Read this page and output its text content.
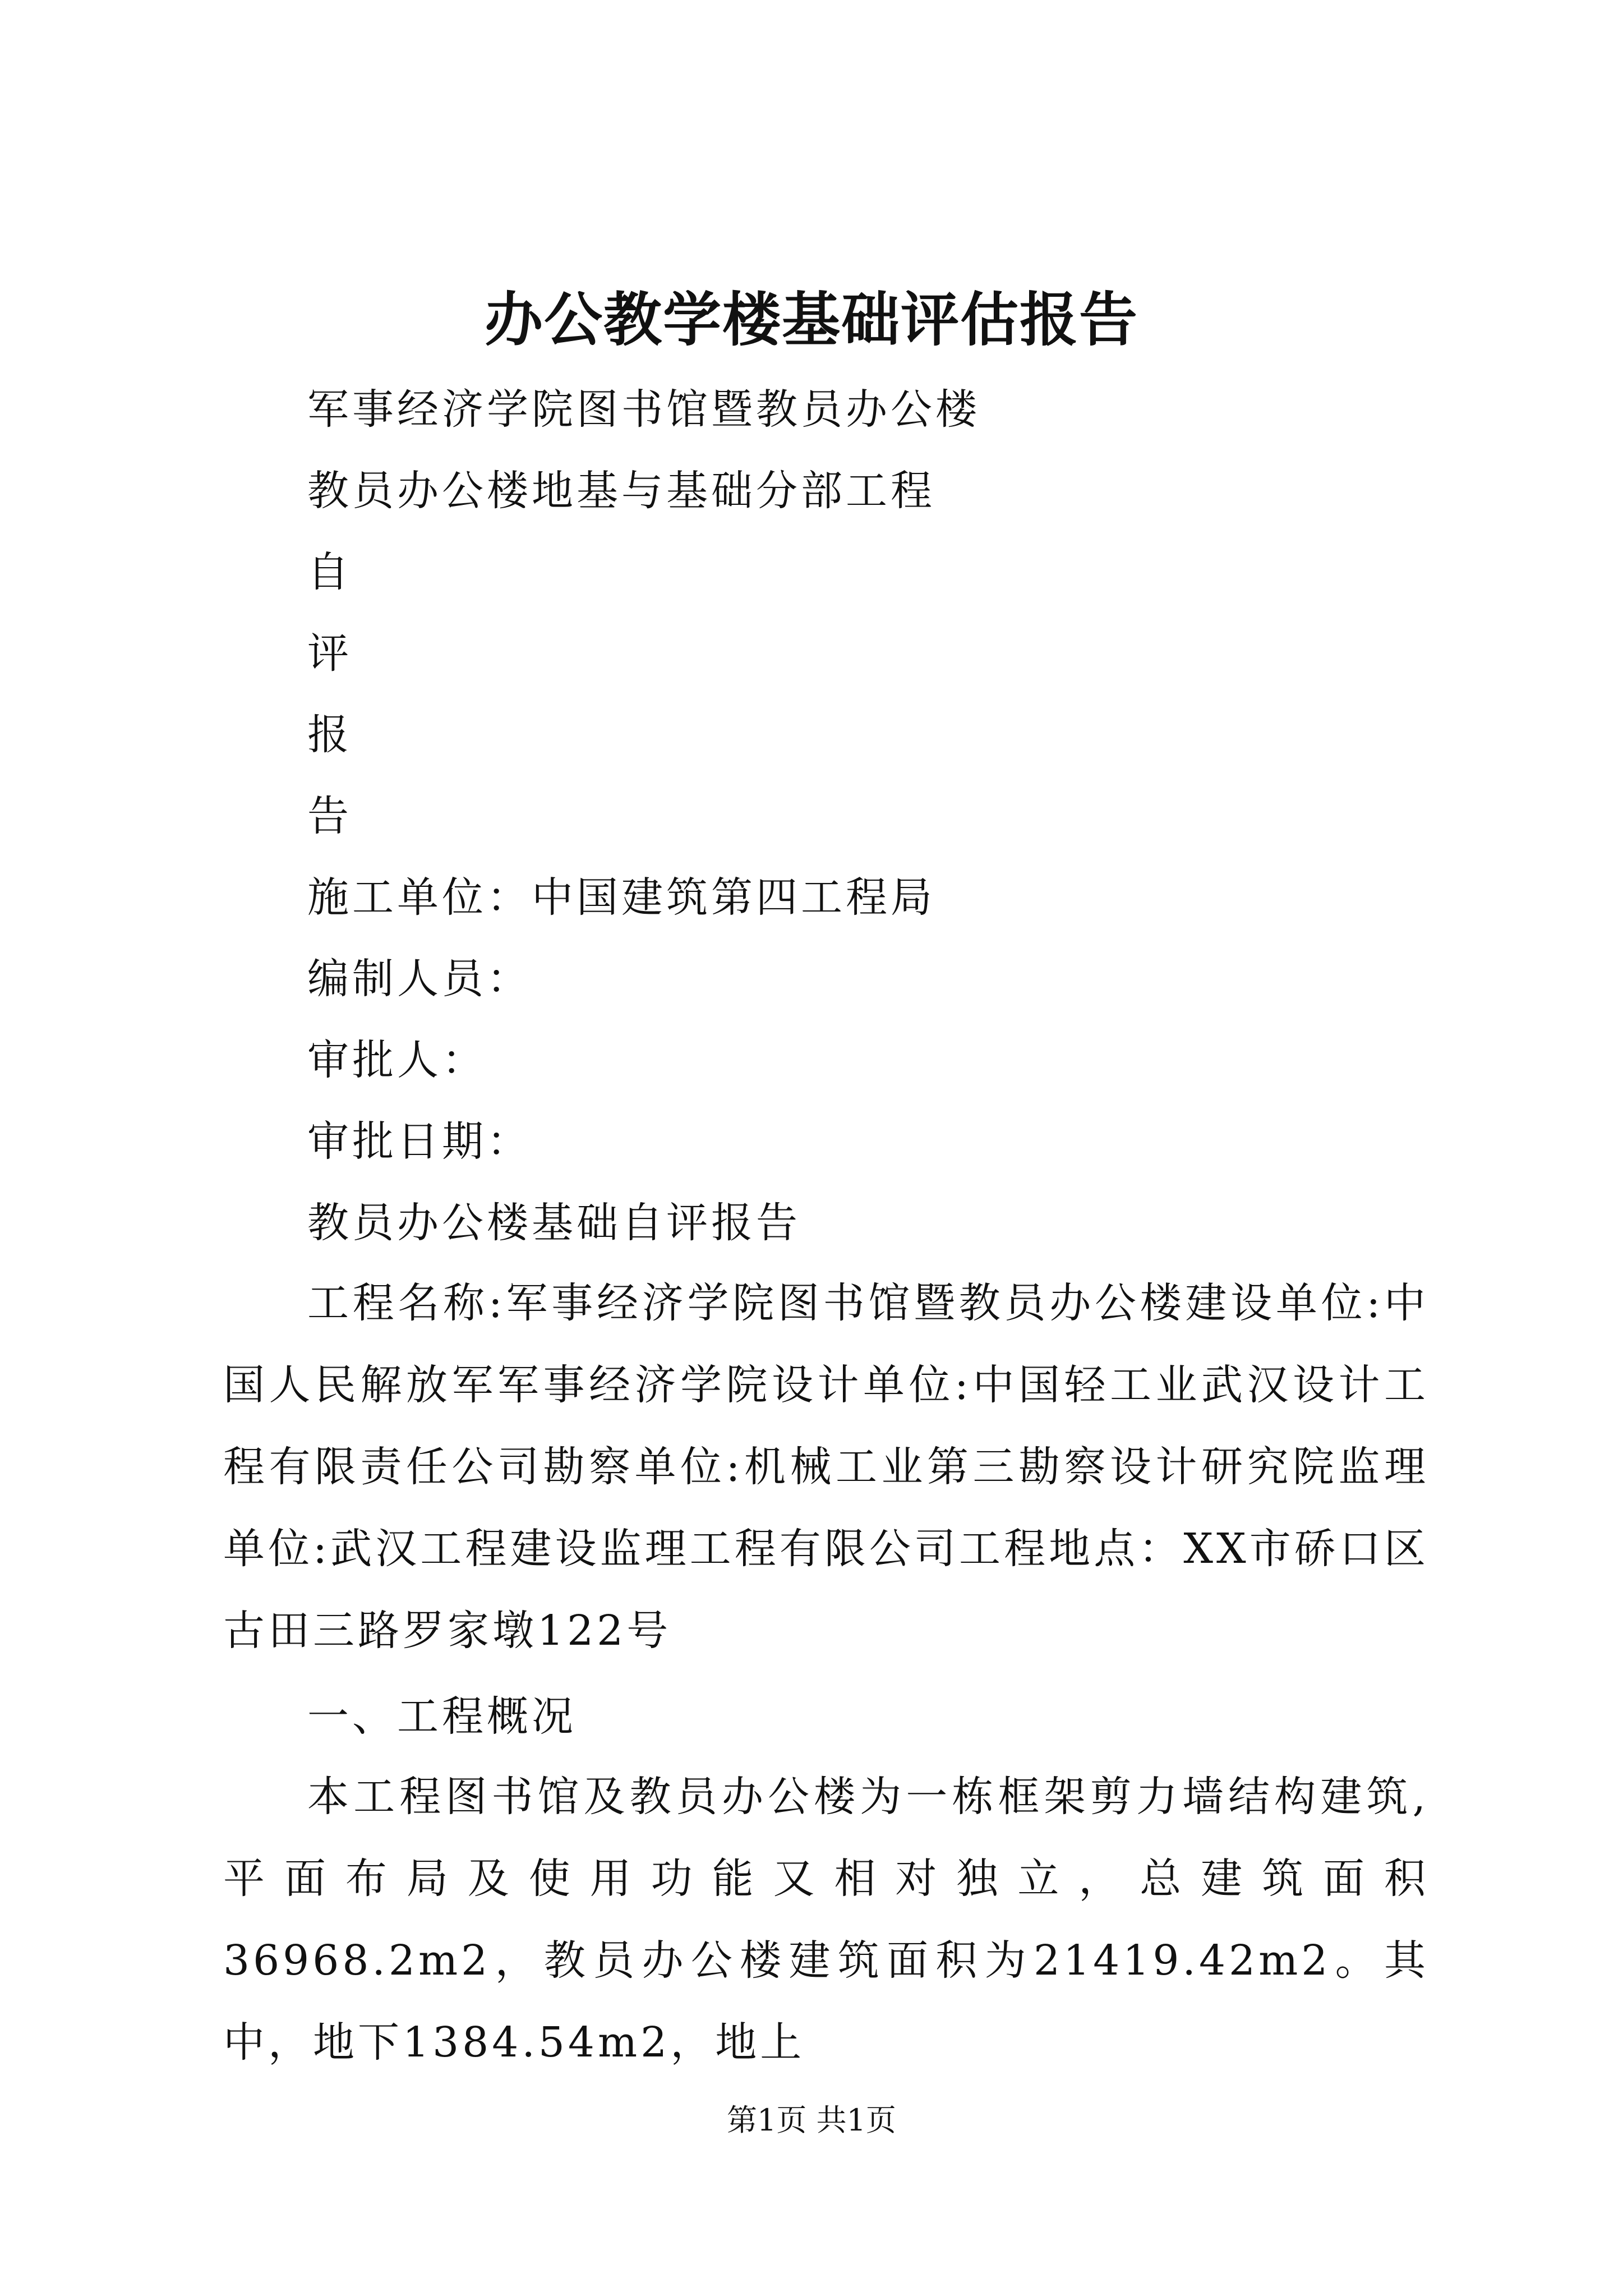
办公教学楼基础评估报告

军事经济学院图书馆暨教员办公楼

教员办公楼地基与基础分部工程

自

评

报

告

施工单位：中国建筑第四工程局

编制人员：

审批人：

审批日期：

教员办公楼基础自评报告

工程名称:军事经济学院图书馆暨教员办公楼建设单位:中国人民解放军军事经济学院设计单位:中国轻工业武汉设计工程有限责任公司勘察单位:机械工业第三勘察设计研究院监理单位:武汉工程建设监理工程有限公司工程地点：XX市硚口区古田三路罗家墩122号

一、工程概况

本工程图书馆及教员办公楼为一栋框架剪力墙结构建筑,平面布局及使用功能又相对独立，总建筑面积36968.2m2，教员办公楼建筑面积为21419.42m2。其中，地下1384.54m2，地上

第1页 共1页
